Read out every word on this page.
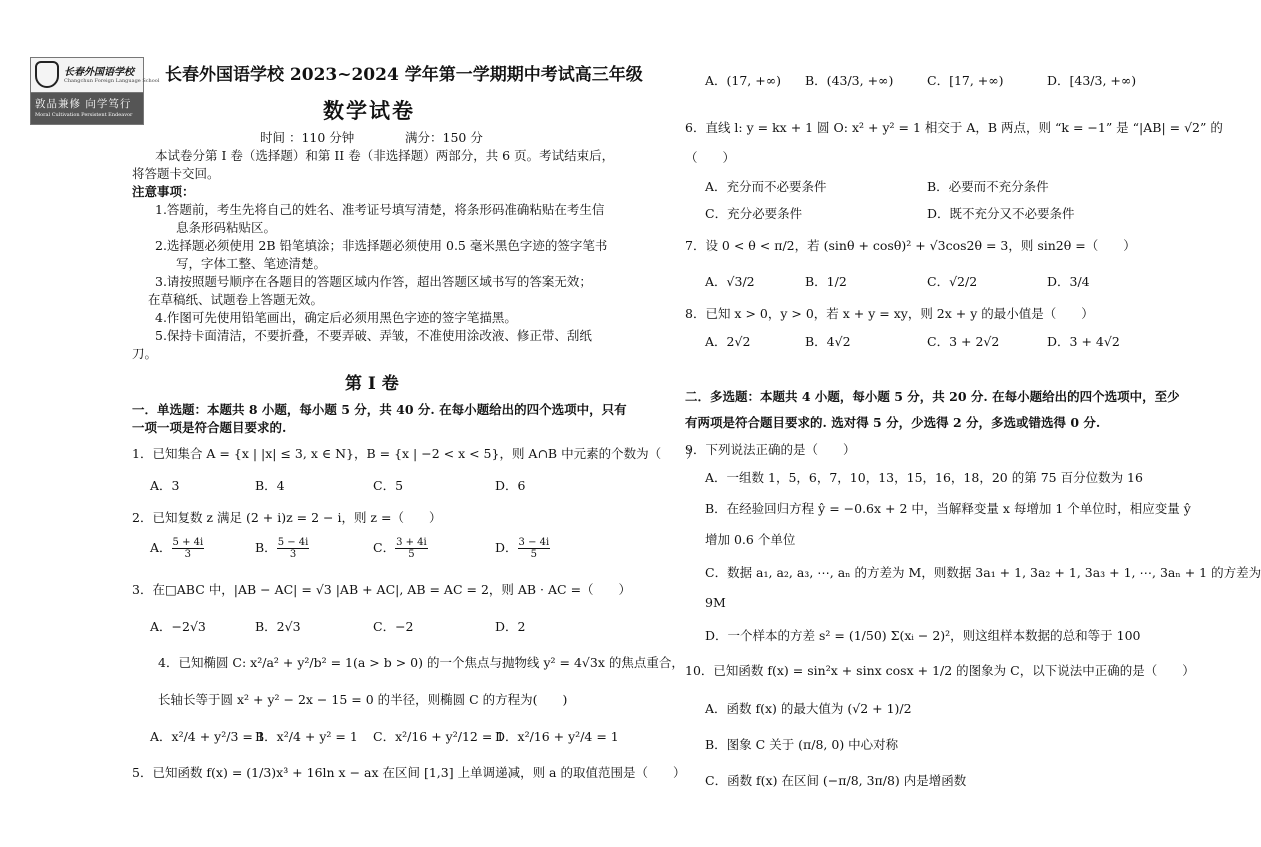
长春外国语学校
Changchun Foreign Language School
敦品兼修 向学笃行
Moral Cultivation Persistent Endeavor
长春外国语学校 2023~2024 学年第一学期期中考试高三年级
数学试卷
时间 ：110 分钟	满分：150 分
本试卷分第 I 卷（选择题）和第 II 卷（非选择题）两部分，共 6 页。考试结束后，
将答题卡交回。
注意事项：
1.答题前，考生先将自己的姓名、准考证号填写清楚，将条形码准确粘贴在考生信
息条形码粘贴区。
2.选择题必须使用 2B 铅笔填涂；非选择题必须使用 0.5 毫米黑色字迹的签字笔书
写，字体工整、笔迹清楚。
3.请按照题号顺序在各题目的答题区域内作答，超出答题区域书写的答案无效；
在草稿纸、试题卷上答题无效。
4.作图可先使用铅笔画出，确定后必须用黑色字迹的签字笔描黑。
5.保持卡面清洁，不要折叠，不要弄破、弄皱，不准使用涂改液、修正带、刮纸
刀。
第 I 卷
一．单选题：本题共 8 小题，每小题 5 分，共 40 分. 在每小题给出的四个选项中，只有
一项一项是符合题目要求的.
1．已知集合 A = {x | |x| ≤ 3, x ∈ N}，B = {x | −2 < x < 5}，则 A∩B 中元素的个数为（　　）
A．3	B．4	C．5	D．6
2．已知复数 z 满足 (2 + i)z = 2 − i，则 z =（　　）
A． $\frac{5 + 4i}{3}$	B． $\frac{5 - 4i}{3}$	C． $\frac{3 + 4i}{5}$	D． $\frac{3 - 4i}{5}$
3．在□ABC 中，|AB − AC| = √3 |AB + AC|, AB = AC = 2，则 AB · AC =（　　）
A．−2√3	B．2√3	C．−2	D．2
4．已知椭圆 C: x²/a² + y²/b² = 1(a > b > 0) 的一个焦点与抛物线 y² = 4√3x 的焦点重合，
长轴长等于圆 x² + y² − 2x − 15 = 0 的半径，则椭圆 C 的方程为(　　)
A．x²/4 + y²/3 = 1
B．x²/4 + y² = 1 C．x²/16 + y²/12 = 1
D．x²/16 + y²/4 = 1
5．已知函数 f(x) = (1/3)x³ + 16ln x − ax 在区间 [1,3] 上单调递减，则 a 的取值范围是（　　）
A．(17, +∞) B．(43/3, +∞)	C．[17, +∞)	D．[43/3, +∞)
6．直线 l: y = kx + 1 圆 O: x² + y² = 1 相交于 A，B 两点，则 “k = −1” 是 “|AB| = √2” 的
（　　）
A．充分而不必要条件	B．必要而不充分条件
C．充分必要条件	D．既不充分又不必要条件
7．设 0 < θ < π/2，若 (sinθ + cosθ)² + √3cos2θ = 3，则 sin2θ =（　　）
A．√3/2	B．1/2	C．√2/2	D．3/4
8．已知 x > 0，y > 0，若 x + y = xy，则 2x + y 的最小值是（　　）
A．2√2	B．4√2	C．3 + 2√2	D．3 + 4√2
二．多选题：本题共 4 小题，每小题 5 分，共 20 分. 在每小题给出的四个选项中，至少
有两项是符合题目要求的. 选对得 5 分，少选得 2 分，多选或错选得 0 分.
9．下列说法正确的是（　　）
A．一组数 1，5，6，7，10，13，15，16，18，20 的第 75 百分位数为 16
B．在经验回归方程 ŷ = −0.6x + 2 中，当解释变量 x 每增加 1 个单位时，相应变量 ŷ
增加 0.6 个单位
C．数据 a₁, a₂, a₃, ⋯, aₙ 的方差为 M，则数据 3a₁ + 1, 3a₂ + 1, 3a₃ + 1, ⋯, 3aₙ + 1 的方差为
9M
D．一个样本的方差 s² = (1/50) Σ(xᵢ − 2)²，则这组样本数据的总和等于 100
10．已知函数 f(x) = sin²x + sinx cosx + 1/2 的图象为 C，以下说法中正确的是（　　）
A．函数 f(x) 的最大值为 (√2 + 1)/2
B．图象 C 关于 (π/8, 0) 中心对称
C．函数 f(x) 在区间 (−π/8, 3π/8) 内是增函数
